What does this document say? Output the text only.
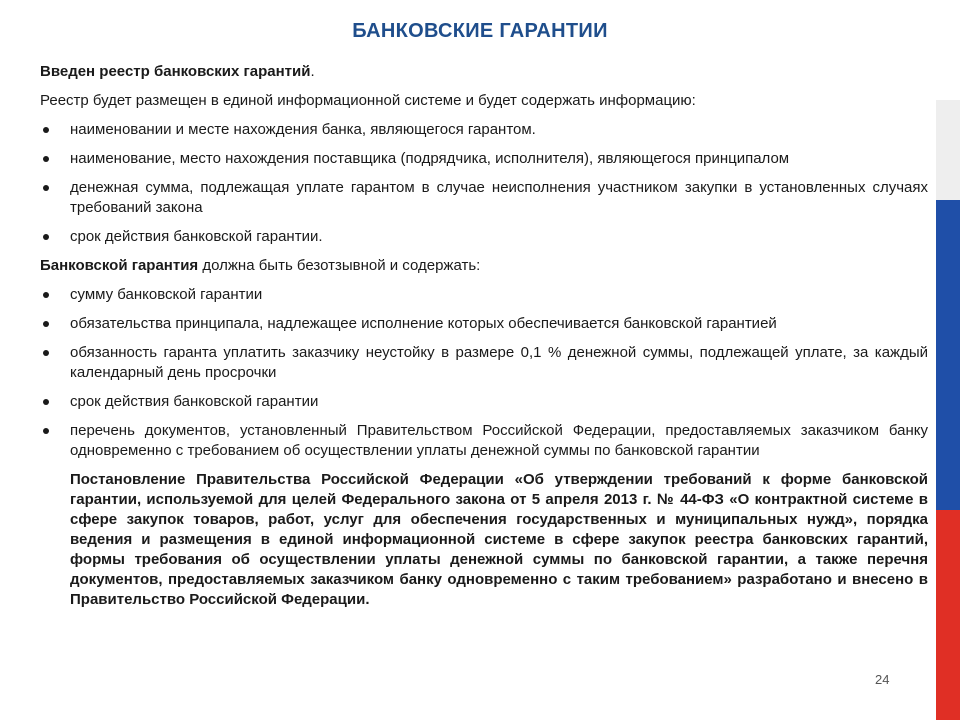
БАНКОВСКИЕ ГАРАНТИИ

Введен реестр банковских гарантий.

Реестр будет размещен в единой информационной системе и будет содержать информацию:

наименовании и месте нахождения банка, являющегося гарантом.
наименование, место нахождения поставщика (подрядчика, исполнителя), являющегося принципалом
денежная сумма, подлежащая уплате гарантом в случае неисполнения участником закупки в установленных случаях требований закона
срок действия банковской гарантии.

Банковской гарантия должна быть безотзывной и содержать:

сумму банковской гарантии
обязательства принципала, надлежащее исполнение которых обеспечивается банковской гарантией
обязанность гаранта уплатить заказчику неустойку в размере 0,1 % денежной суммы, подлежащей уплате, за каждый календарный день просрочки
срок действия банковской гарантии
перечень документов, установленный Правительством Российской Федерации, предоставляемых заказчиком банку одновременно с требованием об осуществлении уплаты денежной суммы по банковской гарантии

Постановление Правительства Российской Федерации «Об утверждении требований к форме банковской гарантии, используемой для целей Федерального закона от 5 апреля 2013 г. № 44-ФЗ «О контрактной системе в сфере закупок товаров, работ, услуг для обеспечения государственных и муниципальных нужд», порядка ведения и размещения в единой информационной системе в сфере закупок реестра банковских гарантий, формы требования об осуществлении уплаты денежной суммы по банковской гарантии, а также перечня документов, предоставляемых заказчиком банку одновременно с таким требованием» разработано и внесено в Правительство Российской Федерации.

24
